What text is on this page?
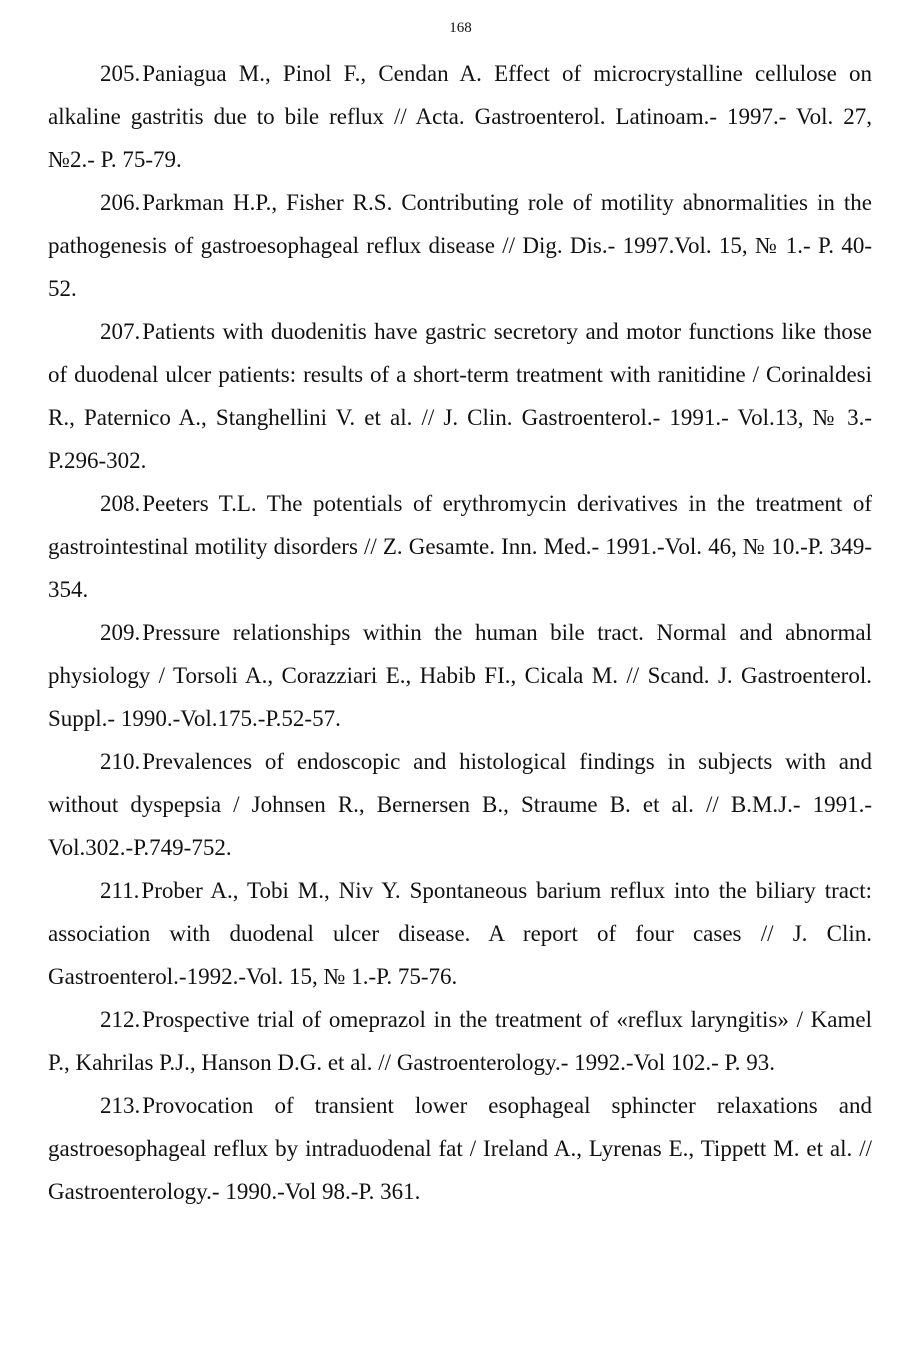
168

205.Paniagua M., Pinol F., Cendan A. Effect of microcrystalline cellulose on alkaline gastritis due to bile reflux // Acta. Gastroenterol. Latinoam.- 1997.- Vol. 27, №2.- P. 75-79.

206.Parkman H.P., Fisher R.S. Contributing role of motility abnormalities in the pathogenesis of gastroesophageal reflux disease // Dig. Dis.- 1997.Vol. 15, № 1.- P. 40-52.

207.Patients with duodenitis have gastric secretory and motor functions like those of duodenal ulcer patients: results of a short-term treatment with ranitidine / Corinaldesi R., Paternico A., Stanghellini V. et al. // J. Clin. Gastroenterol.- 1991.- Vol.13, № 3.-P.296-302.

208.Peeters T.L. The potentials of erythromycin derivatives in the treatment of gastrointestinal motility disorders // Z. Gesamte. Inn. Med.- 1991.-Vol. 46, № 10.-P. 349-354.

209.Pressure relationships within the human bile tract. Normal and abnormal physiology / Torsoli A., Corazziari E., Habib FI., Cicala M. // Scand. J. Gastroenterol. Suppl.- 1990.-Vol.175.-P.52-57.

210.Prevalences of endoscopic and histological findings in subjects with and without dyspepsia / Johnsen R., Bernersen B., Straume B. et al. // B.M.J.- 1991.- Vol.302.-P.749-752.

211.Prober A., Tobi M., Niv Y. Spontaneous barium reflux into the biliary tract: association with duodenal ulcer disease. A report of four cases // J. Clin. Gastroenterol.-1992.-Vol. 15, № 1.-P. 75-76.

212.Prospective trial of omeprazol in the treatment of «reflux laryngitis» / Kamel P., Kahrilas P.J., Hanson D.G. et al. // Gastroenterology.- 1992.-Vol 102.- P. 93.

213.Provocation of transient lower esophageal sphincter relaxations and gastroesophageal reflux by intraduodenal fat / Ireland A., Lyrenas E., Tippett M. et al. // Gastroenterology.- 1990.-Vol 98.-P. 361.
